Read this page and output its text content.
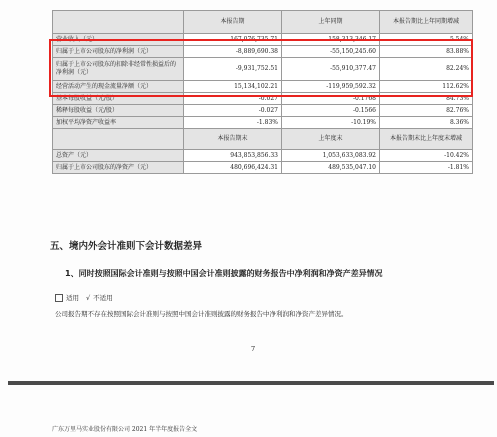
	本报告期	上年同期	本报告期比上年同期增减
营业收入（元）	167,076,735.71	158,313,346.17	5.54%
归属于上市公司股东的净利润（元）	-8,889,690.38	-55,150,245.60	83.88%
归属于上市公司股东的扣除非经常性损益后的净利润（元）	-9,931,752.51	-55,910,377.47	82.24%
经营活动产生的现金流量净额（元）	15,134,102.21	-119,959,592.32	112.62%
基本每股收益（元/股）	-0.027	-0.1768	84.73%
稀释每股收益（元/股）	-0.027	-0.1566	82.76%
加权平均净资产收益率	-1.83%	-10.19%	8.36%
	本报告期末	上年度末	本报告期末比上年度末增减
总资产（元）	943,853,856.33	1,053,633,083.92	-10.42%
归属于上市公司股东的净资产（元）	480,696,424.31	489,535,047.10	-1.81%
五、境内外会计准则下会计数据差异
1、同时按照国际会计准则与按照中国会计准则披露的财务报告中净利润和净资产差异情况
适用 √ 不适用
公司报告期不存在按照国际会计准则与按照中国会计准则披露的财务报告中净利润和净资产差异情况。
7
广东万里马实业股份有限公司 2021 年半年度报告全文
